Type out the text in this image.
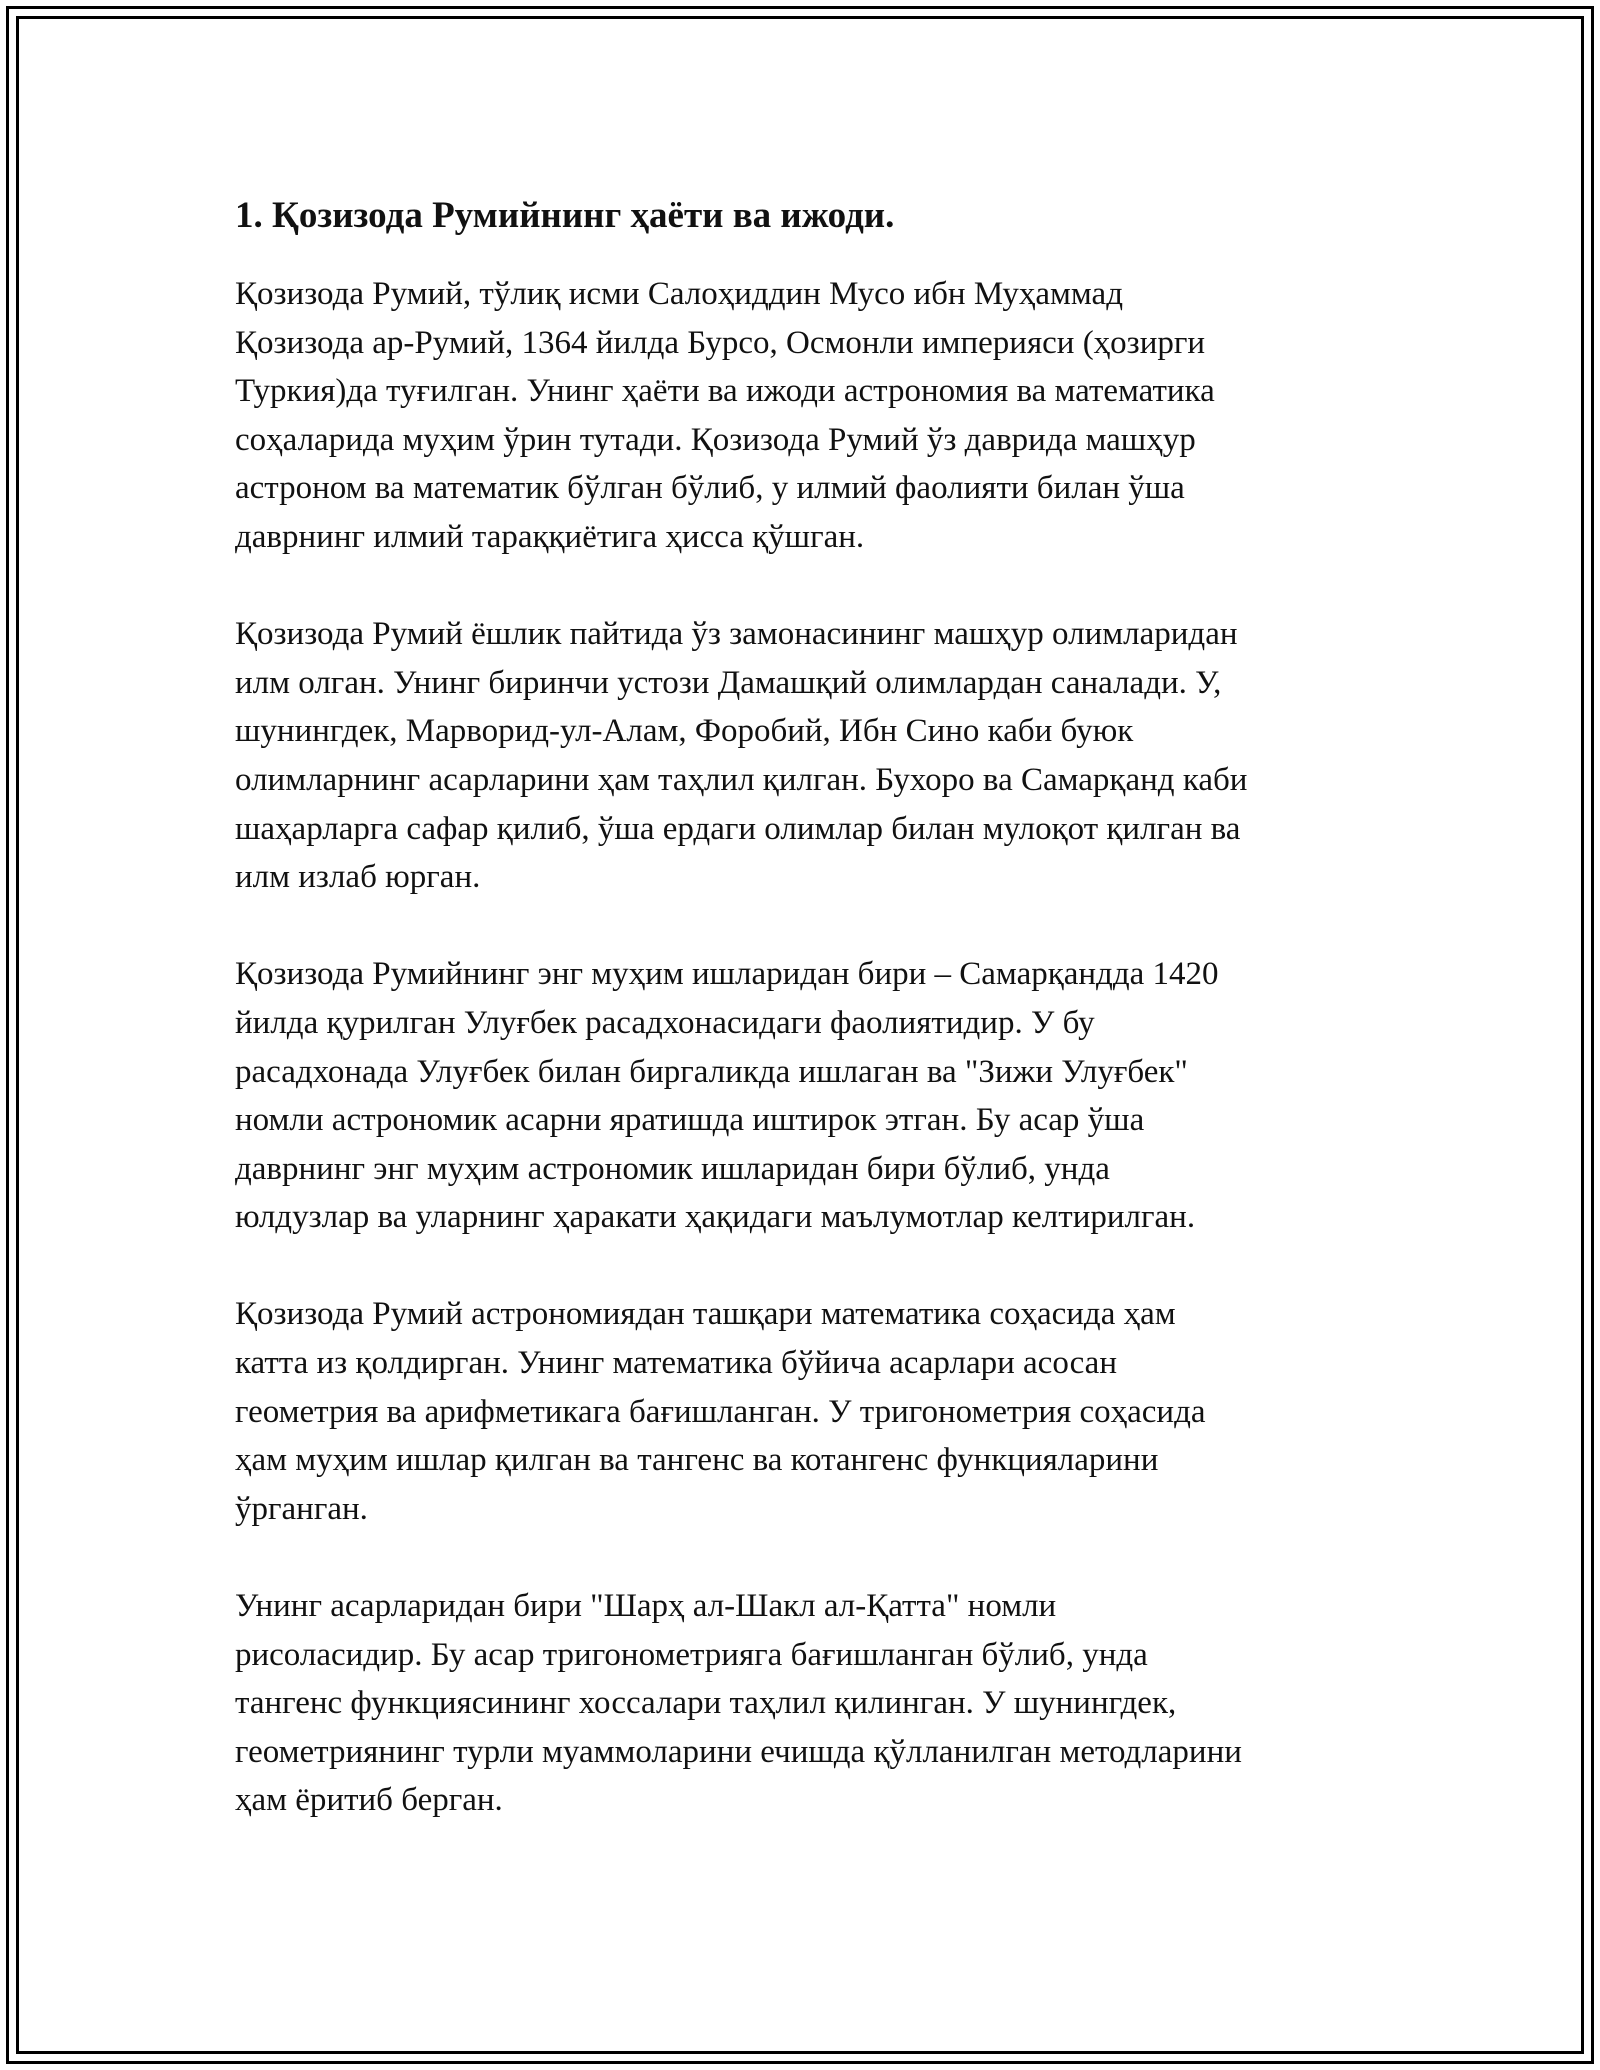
1. Қозизода Румийнинг ҳаёти ва ижоди.

Қозизода Румий, тўлиқ исми Салоҳиддин Мусо ибн Муҳаммад
Қозизода ар-Румий, 1364 йилда Бурсо, Осмонли империяси (ҳозирги
Туркия)да туғилган. Унинг ҳаёти ва ижоди астрономия ва математика
соҳаларида муҳим ўрин тутади. Қозизода Румий ўз даврида машҳур
астроном ва математик бўлган бўлиб, у илмий фаолияти билан ўша
даврнинг илмий тараққиётига ҳисса қўшган.

Қозизода Румий ёшлик пайтида ўз замонасининг машҳур олимларидан
илм олган. Унинг биринчи устози Дамашқий олимлардан саналади. У,
шунингдек, Марворид-ул-Алам, Форобий, Ибн Сино каби буюк
олимларнинг асарларини ҳам таҳлил қилган. Бухоро ва Самарқанд каби
шаҳарларга сафар қилиб, ўша ердаги олимлар билан мулоқот қилган ва
илм излаб юрган.

Қозизода Румийнинг энг муҳим ишларидан бири – Самарқандда 1420
йилда қурилган Улуғбек расадхонасидаги фаолиятидир. У бу
расадхонада Улуғбек билан биргаликда ишлаган ва "Зижи Улуғбек"
номли астрономик асарни яратишда иштирок этган. Бу асар ўша
даврнинг энг муҳим астрономик ишларидан бири бўлиб, унда
юлдузлар ва уларнинг ҳаракати ҳақидаги маълумотлар келтирилган.

Қозизода Румий астрономиядан ташқари математика соҳасида ҳам
катта из қолдирган. Унинг математика бўйича асарлари асосан
геометрия ва арифметикага бағишланган. У тригонометрия соҳасида
ҳам муҳим ишлар қилган ва тангенс ва котангенс функцияларини
ўрганган.

Унинг асарларидан бири "Шарҳ ал-Шакл ал-Қатта" номли
рисоласидир. Бу асар тригонометрияга бағишланган бўлиб, унда
тангенс функциясининг хоссалари таҳлил қилинган. У шунингдек,
геометриянинг турли муаммоларини ечишда қўлланилган методларини
ҳам ёритиб берган.
